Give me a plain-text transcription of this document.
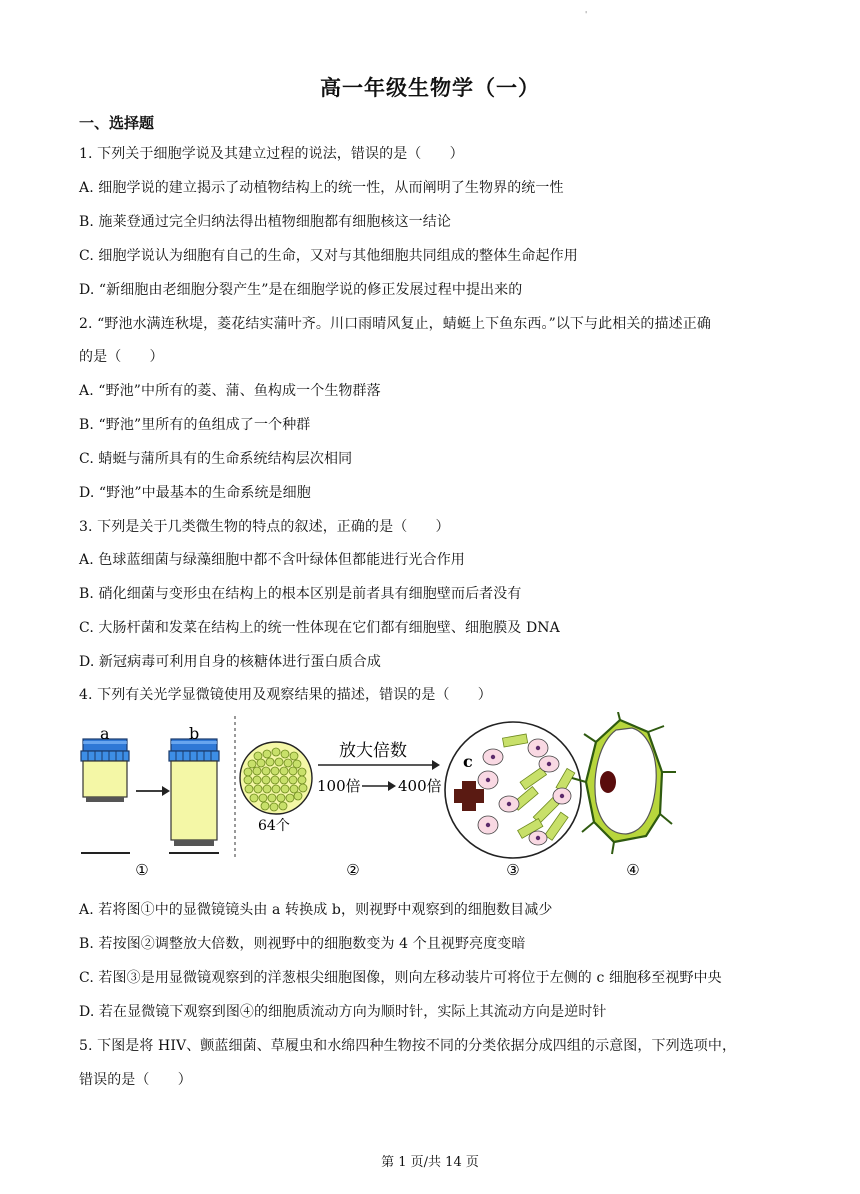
'
高一年级生物学（一）
一、选择题
1. 下列关于细胞学说及其建立过程的说法，错误的是（　　）
A. 细胞学说的建立揭示了动植物结构上的统一性，从而阐明了生物界的统一性
B. 施莱登通过完全归纳法得出植物细胞都有细胞核这一结论
C. 细胞学说认为细胞有自己的生命，又对与其他细胞共同组成的整体生命起作用
D. “新细胞由老细胞分裂产生”是在细胞学说的修正发展过程中提出来的
2. “野池水满连秋堤，菱花结实蒲叶齐。川口雨晴风复止，蜻蜓上下鱼东西。”以下与此相关的描述正确
的是（　　）
A. “野池”中所有的菱、蒲、鱼构成一个生物群落
B. “野池”里所有的鱼组成了一个种群
C. 蜻蜓与蒲所具有的生命系统结构层次相同
D. “野池”中最基本的生命系统是细胞
3. 下列是关于几类微生物的特点的叙述，正确的是（　　）
A. 色球蓝细菌与绿藻细胞中都不含叶绿体但都能进行光合作用
B. 硝化细菌与变形虫在结构上的根本区别是前者具有细胞壁而后者没有
C. 大肠杆菌和发菜在结构上的统一性体现在它们都有细胞壁、细胞膜及 DNA
D. 新冠病毒可利用自身的核糖体进行蛋白质合成
4. 下列有关光学显微镜使用及观察结果的描述，错误的是（　　）
a	b
①
64个
放大倍数
100倍 400倍
②
c
③	④
A. 若将图①中的显微镜镜头由 a 转换成 b，则视野中观察到的细胞数目减少
B. 若按图②调整放大倍数，则视野中的细胞数变为 4 个且视野亮度变暗
C. 若图③是用显微镜观察到的洋葱根尖细胞图像，则向左移动装片可将位于左侧的 c 细胞移至视野中央
D. 若在显微镜下观察到图④的细胞质流动方向为顺时针，实际上其流动方向是逆时针
5. 下图是将 HIV、颤蓝细菌、草履虫和水绵四种生物按不同的分类依据分成四组的示意图，下列选项中，
错误的是（　　）
第 1 页/共 14 页
